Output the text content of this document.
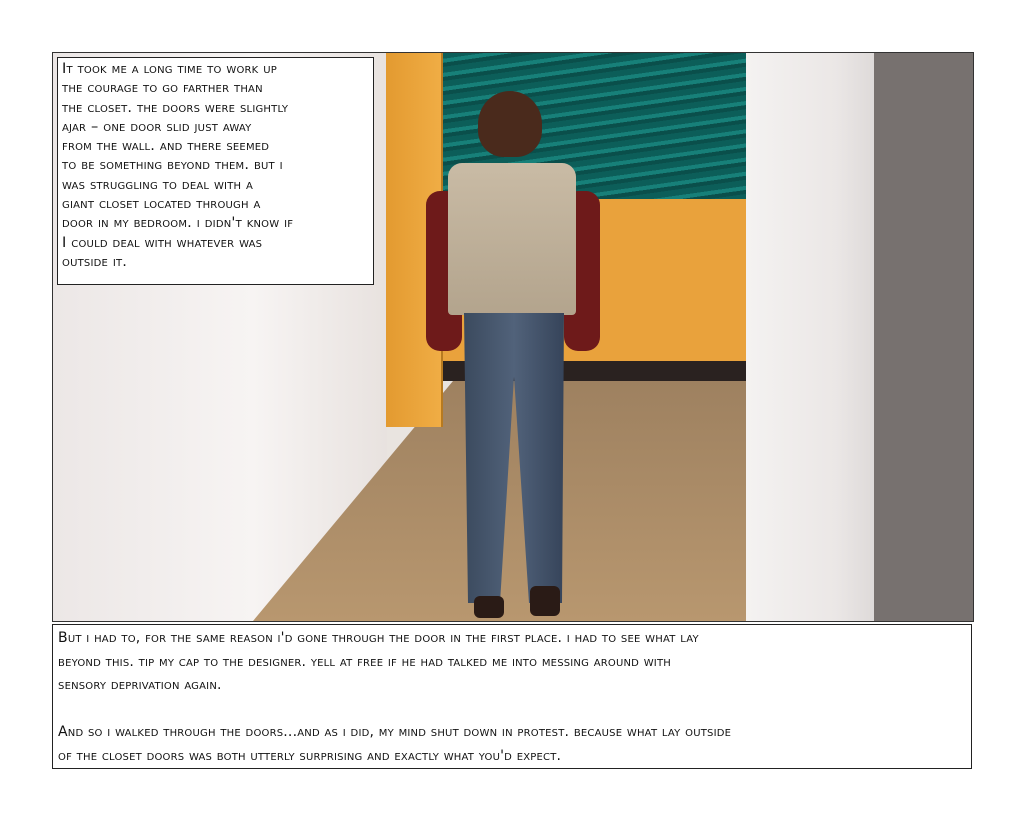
It took me a long time to work up
the courage to go farther than
the closet. the doors were slightly
ajar – one door slid just away
from the wall. and there seemed
to be something beyond them. but i
was struggling to deal with a
giant closet located through a
door in my bedroom. i didn't know if
I could deal with whatever was
outside it.
But i had to, for the same reason i'd gone through the door in the first place. i had to see what lay
beyond this. tip my cap to the designer. yell at free if he had talked me into messing around with
sensory deprivation again.
And so i walked through the doors...and as i did, my mind shut down in protest. because what lay outside
of the closet doors was both utterly surprising and exactly what you'd expect.
